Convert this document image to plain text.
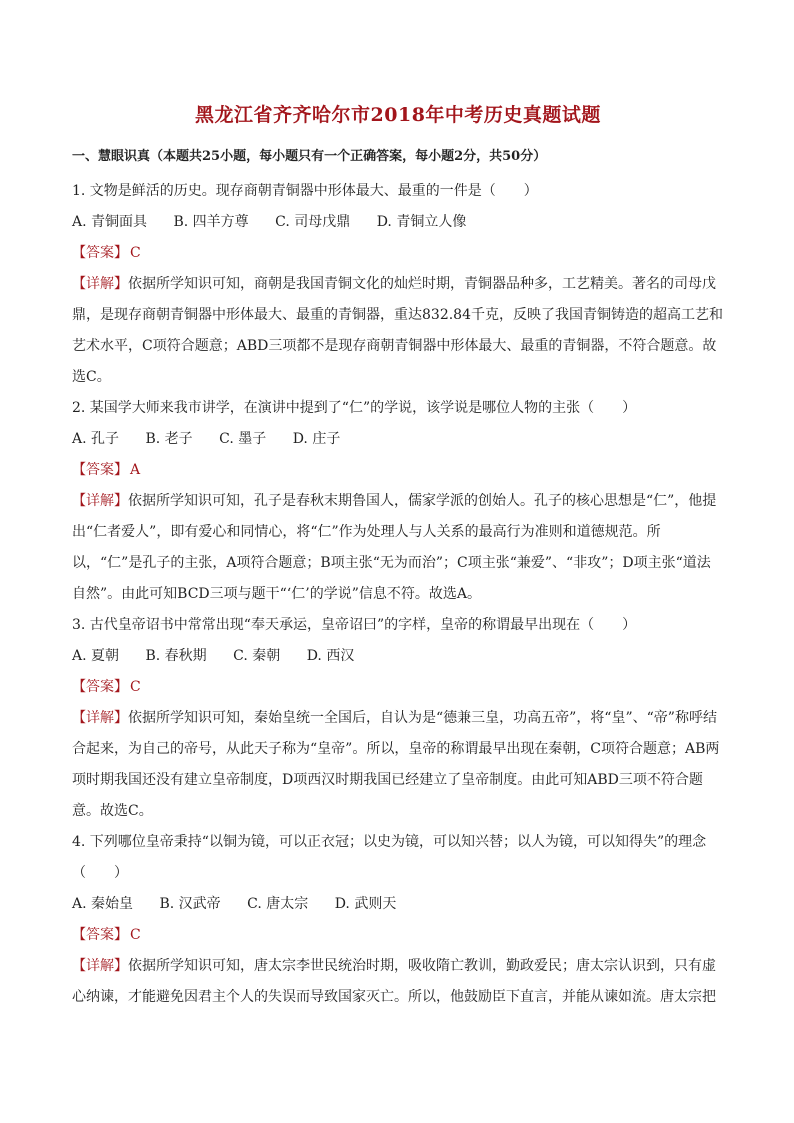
黑龙江省齐齐哈尔市2018年中考历史真题试题

一、慧眼识真（本题共25小题，每小题只有一个正确答案，每小题2分，共50分）

1. 文物是鲜活的历史。现存商朝青铜器中形体最大、最重的一件是（　　）

A. 青铜面具 B. 四羊方尊 C. 司母戊鼎 D. 青铜立人像

【答案】 C

【详解】依据所学知识可知，商朝是我国青铜文化的灿烂时期，青铜器品种多，工艺精美。著名的司母戊鼎，是现存商朝青铜器中形体最大、最重的青铜器，重达832.84千克，反映了我国青铜铸造的超高工艺和艺术水平，C项符合题意；ABD三项都不是现存商朝青铜器中形体最大、最重的青铜器，不符合题意。故选C。

2. 某国学大师来我市讲学，在演讲中提到了“仁”的学说，该学说是哪位人物的主张（　　）

A. 孔子 B. 老子 C. 墨子 D. 庄子

【答案】 A

【详解】依据所学知识可知，孔子是春秋末期鲁国人，儒家学派的创始人。孔子的核心思想是“仁”，他提出“仁者爱人”，即有爱心和同情心，将“仁”作为处理人与人关系的最高行为准则和道德规范。所以，“仁”是孔子的主张，A项符合题意；B项主张“无为而治”；C项主张“兼爱”、“非攻”；D项主张“道法自然”。由此可知BCD三项与题干“‘仁’的学说”信息不符。故选A。

3. 古代皇帝诏书中常常出现“奉天承运，皇帝诏曰”的字样，皇帝的称谓最早出现在（　　）

A. 夏朝 B. 春秋期 C. 秦朝 D. 西汉

【答案】 C

【详解】依据所学知识可知，秦始皇统一全国后，自认为是“德兼三皇，功高五帝”，将“皇”、“帝”称呼结合起来，为自己的帝号，从此天子称为“皇帝”。所以，皇帝的称谓最早出现在秦朝，C项符合题意；AB两项时期我国还没有建立皇帝制度，D项西汉时期我国已经建立了皇帝制度。由此可知ABD三项不符合题意。故选C。

4. 下列哪位皇帝秉持“以铜为镜，可以正衣冠；以史为镜，可以知兴替；以人为镜，可以知得失”的理念（　　）

A. 秦始皇 B. 汉武帝 C. 唐太宗 D. 武则天

【答案】 C

【详解】依据所学知识可知，唐太宗李世民统治时期，吸收隋亡教训，勤政爱民；唐太宗认识到，只有虚心纳谏，才能避免因君主个人的失误而导致国家灭亡。所以，他鼓励臣下直言，并能从谏如流。唐太宗把
